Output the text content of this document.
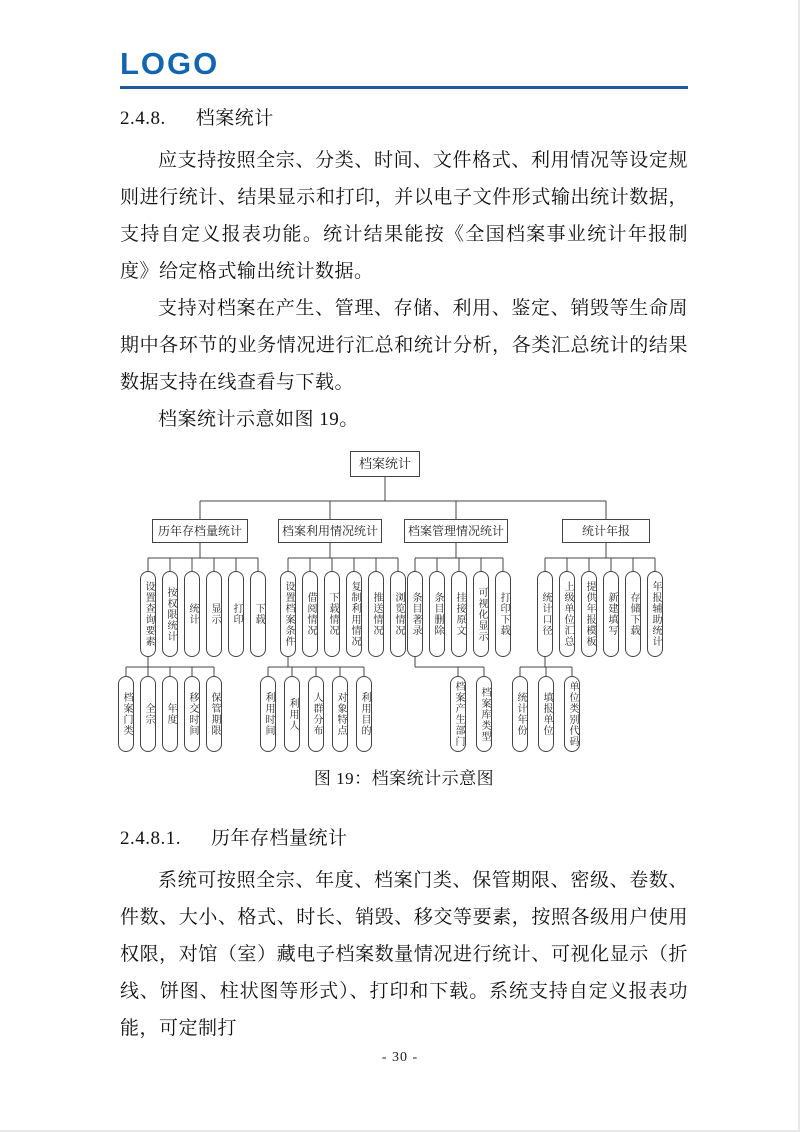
LOGO

2.4.8. 档案统计

应支持按照全宗、分类、时间、文件格式、利用情况等设定规则进行统计、结果显示和打印，并以电子文件形式输出统计数据，支持自定义报表功能。统计结果能按《全国档案事业统计年报制度》给定格式输出统计数据。

支持对档案在产生、管理、存储、利用、鉴定、销毁等生命周期中各环节的业务情况进行汇总和统计分析，各类汇总统计的结果数据支持在线查看与下载。

档案统计示意如图 19。

档案统计
历年存档量统计	档案利用情况统计	档案管理情况统计	统计年报
设置查询要素	按权限统计	统计	显示	打印	下载	设置档案条件	借阅情况	下载情况	复制利用情况	推送情况	浏览情况 条目著录	条目删除	挂接原文	可视化显示	打印下载	统计口径	上级单位汇总	提供年报模板	新建填写	存储下载	年报辅助统计
档案门类	全宗	年度	移交时间	保管期限	利用时间	利用人	人群分布	对象特点	利用目的	档案产生部门	档案库类型	统计年份	填报单位	单位类别代码
图 19：档案统计示意图

2.4.8.1. 历年存档量统计

系统可按照全宗、年度、档案门类、保管期限、密级、卷数、件数、大小、格式、时长、销毁、移交等要素，按照各级用户使用权限，对馆（室）藏电子档案数量情况进行统计、可视化显示（折线、饼图、柱状图等形式）、打印和下载。系统支持自定义报表功能，可定制打

- 30 -
